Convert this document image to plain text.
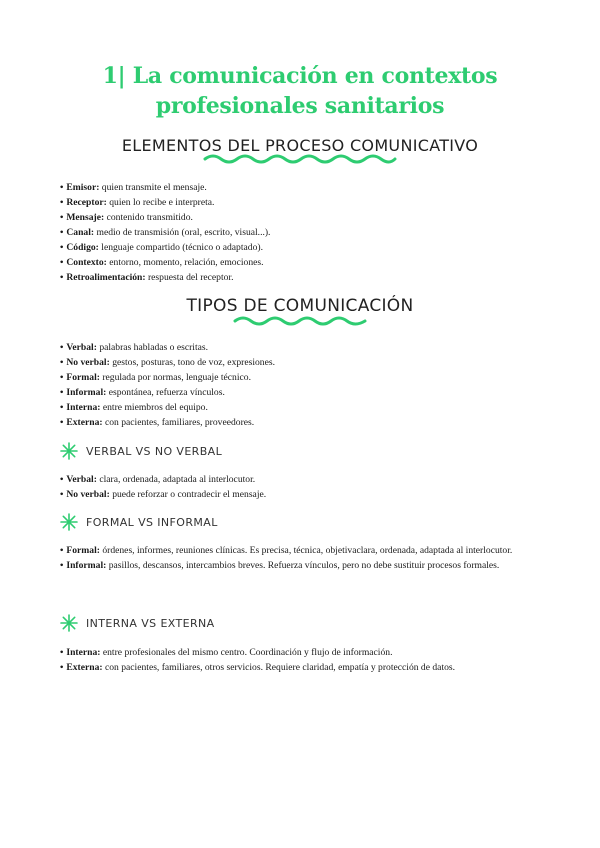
1| La comunicación en contextos
profesionales sanitarios
ELEMENTOS DEL PROCESO COMUNICATIVO
• Emisor: quien transmite el mensaje.
• Receptor: quien lo recibe e interpreta.
• Mensaje: contenido transmitido.
• Canal: medio de transmisión (oral, escrito, visual...).
• Código: lenguaje compartido (técnico o adaptado).
• Contexto: entorno, momento, relación, emociones.
• Retroalimentación: respuesta del receptor.
TIPOS DE COMUNICACIÓN
• Verbal: palabras habladas o escritas.
• No verbal: gestos, posturas, tono de voz, expresiones.
• Formal: regulada por normas, lenguaje técnico.
• Informal: espontánea, refuerza vínculos.
• Interna: entre miembros del equipo.
• Externa: con pacientes, familiares, proveedores.
VERBAL VS NO VERBAL
• Verbal: clara, ordenada, adaptada al interlocutor.
• No verbal: puede reforzar o contradecir el mensaje.
FORMAL VS INFORMAL
• Formal: órdenes, informes, reuniones clínicas. Es precisa, técnica, objetivaclara, ordenada, adaptada al interlocutor.
• Informal: pasillos, descansos, intercambios breves. Refuerza vínculos, pero no debe sustituir procesos formales.
INTERNA VS EXTERNA
• Interna: entre profesionales del mismo centro. Coordinación y flujo de información.
• Externa: con pacientes, familiares, otros servicios. Requiere claridad, empatía y protección de datos.
